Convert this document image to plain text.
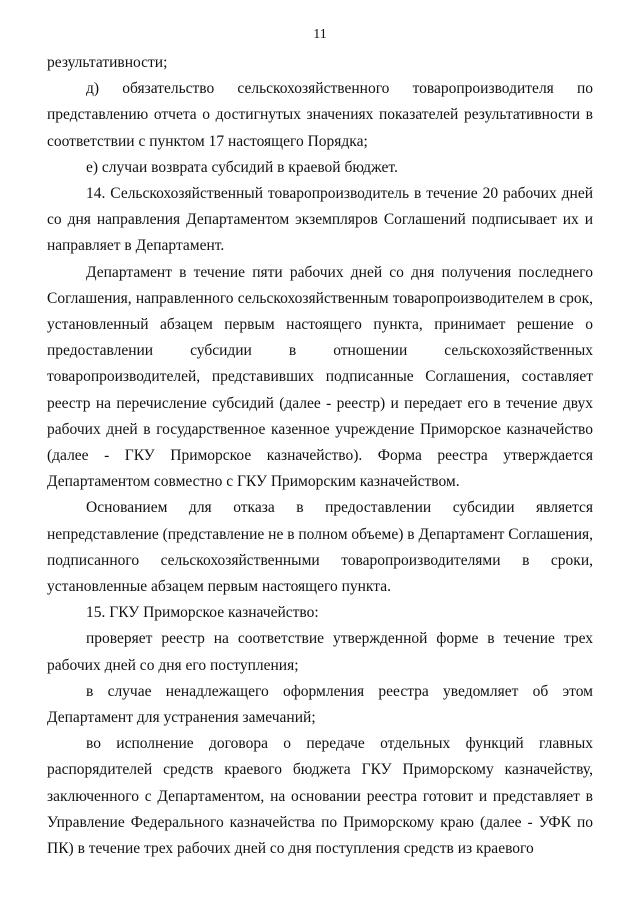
11

результативности;

д) обязательство сельскохозяйственного товаропроизводителя по представлению отчета о достигнутых значениях показателей результативности в соответствии с пунктом 17 настоящего Порядка;

е) случаи возврата субсидий в краевой бюджет.

14. Сельскохозяйственный товаропроизводитель в течение 20 рабочих дней со дня направления Департаментом экземпляров Соглашений подписывает их и направляет в Департамент.

Департамент в течение пяти рабочих дней со дня получения последнего Соглашения, направленного сельскохозяйственным товаропроизводителем в срок, установленный абзацем первым настоящего пункта, принимает решение о предоставлении субсидии в отношении сельскохозяйственных товаропроизводителей, представивших подписанные Соглашения, составляет реестр на перечисление субсидий (далее - реестр) и передает его в течение двух рабочих дней в государственное казенное учреждение Приморское казначейство (далее - ГКУ Приморское казначейство). Форма реестра утверждается Департаментом совместно с ГКУ Приморским казначейством.

Основанием для отказа в предоставлении субсидии является непредставление (представление не в полном объеме) в Департамент Соглашения, подписанного сельскохозяйственными товаропроизводителями в сроки, установленные абзацем первым настоящего пункта.

15. ГКУ Приморское казначейство:

проверяет реестр на соответствие утвержденной форме в течение трех рабочих дней со дня его поступления;

в случае ненадлежащего оформления реестра уведомляет об этом Департамент для устранения замечаний;

во исполнение договора о передаче отдельных функций главных распорядителей средств краевого бюджета ГКУ Приморскому казначейству, заключенного с Департаментом, на основании реестра готовит и представляет в Управление Федерального казначейства по Приморскому краю (далее - УФК по ПК) в течение трех рабочих дней со дня поступления средств из краевого
